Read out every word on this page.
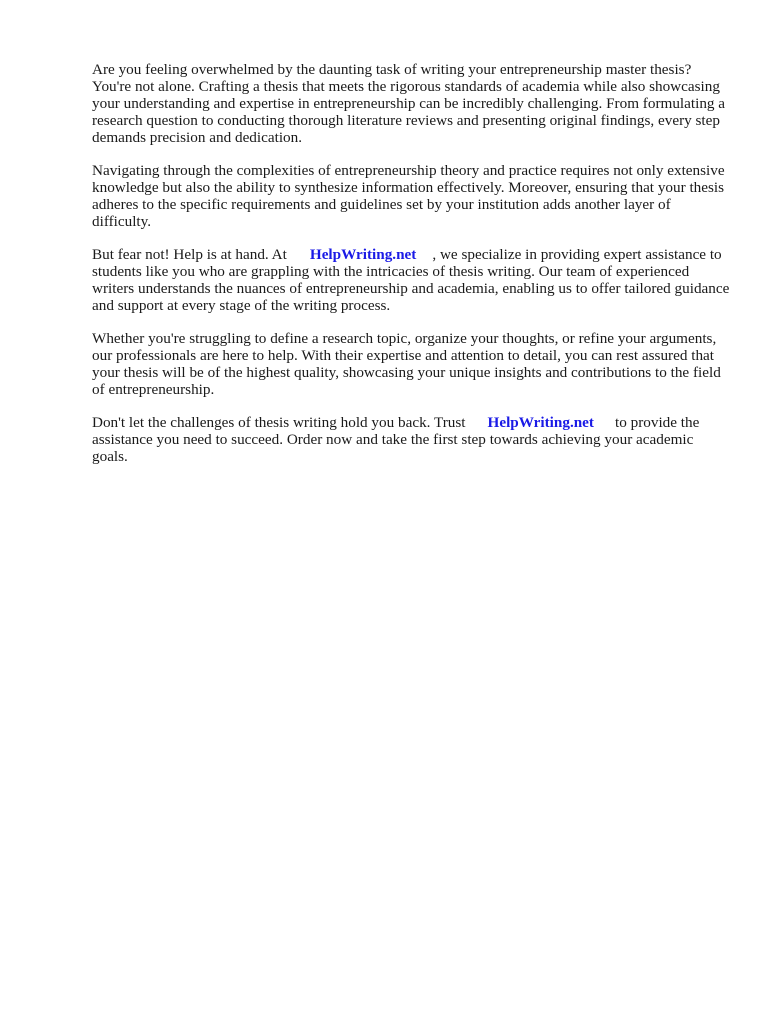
Are you feeling overwhelmed by the daunting task of writing your entrepreneurship master thesis? You're not alone. Crafting a thesis that meets the rigorous standards of academia while also showcasing your understanding and expertise in entrepreneurship can be incredibly challenging. From formulating a research question to conducting thorough literature reviews and presenting original findings, every step demands precision and dedication.

Navigating through the complexities of entrepreneurship theory and practice requires not only extensive knowledge but also the ability to synthesize information effectively. Moreover, ensuring that your thesis adheres to the specific requirements and guidelines set by your institution adds another layer of difficulty.

But fear not! Help is at hand. At HelpWriting.net , we specialize in providing expert assistance to students like you who are grappling with the intricacies of thesis writing. Our team of experienced writers understands the nuances of entrepreneurship and academia, enabling us to offer tailored guidance and support at every stage of the writing process.

Whether you're struggling to define a research topic, organize your thoughts, or refine your arguments, our professionals are here to help. With their expertise and attention to detail, you can rest assured that your thesis will be of the highest quality, showcasing your unique insights and contributions to the field of entrepreneurship.

Don't let the challenges of thesis writing hold you back. Trust HelpWriting.net to provide the assistance you need to succeed. Order now and take the first step towards achieving your academic goals.
